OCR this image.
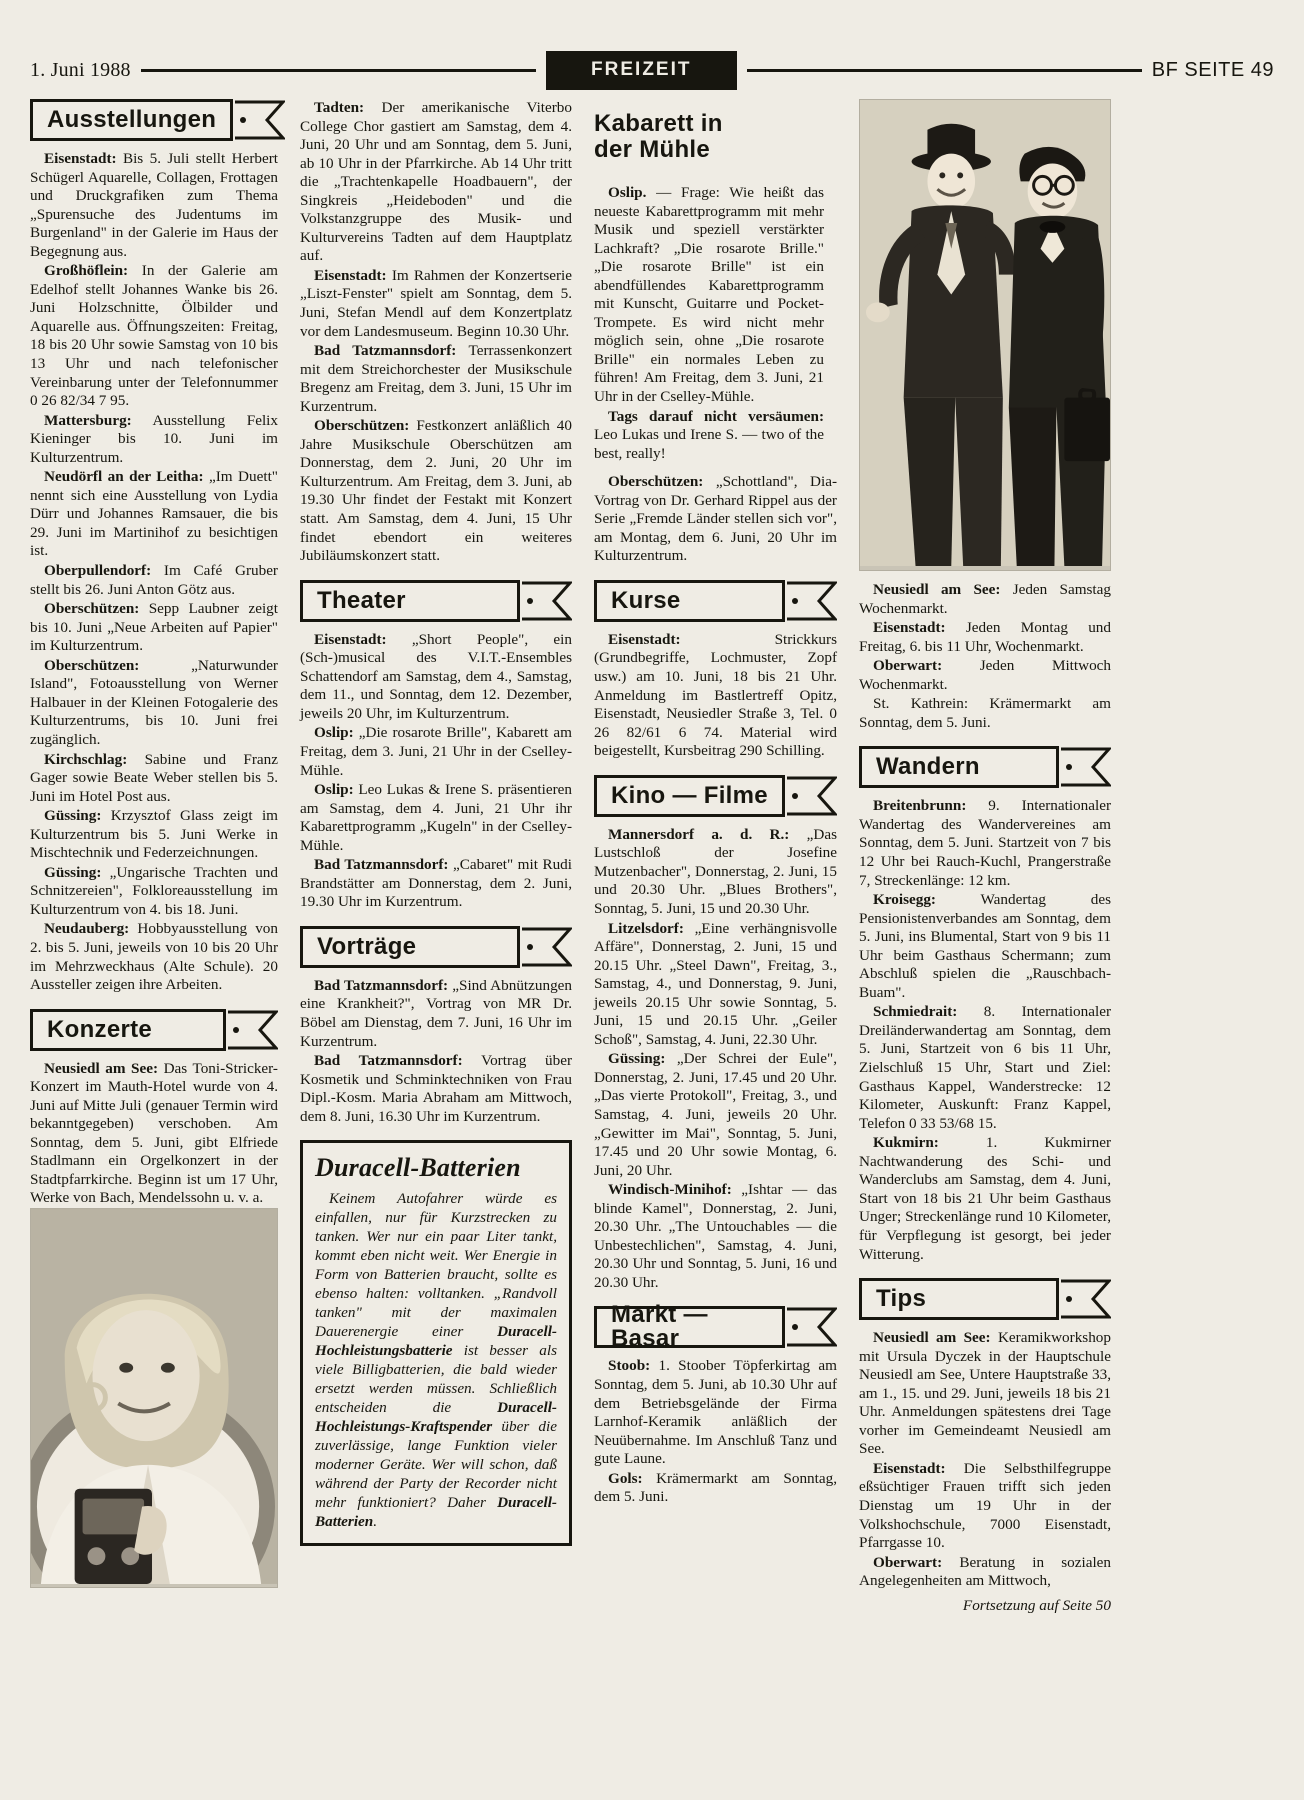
1. Juni 1988	FREIZEIT	BF SEITE 49
Ausstellungen

Eisenstadt: Bis 5. Juli stellt Herbert Schügerl Aquarelle, Collagen, Frottagen und Druckgrafiken zum Thema „Spurensuche des Judentums im Burgenland" in der Galerie im Haus der Begegnung aus.

Großhöflein: In der Galerie am Edelhof stellt Johannes Wanke bis 26. Juni Holzschnitte, Ölbilder und Aquarelle aus. Öffnungszeiten: Freitag, 18 bis 20 Uhr sowie Samstag von 10 bis 13 Uhr und nach telefonischer Vereinbarung unter der Telefonnummer 0 26 82/34 7 95.

Mattersburg: Ausstellung Felix Kieninger bis 10. Juni im Kulturzentrum.

Neudörfl an der Leitha: „Im Duett" nennt sich eine Ausstellung von Lydia Dürr und Johannes Ramsauer, die bis 29. Juni im Martinihof zu besichtigen ist.

Oberpullendorf: Im Café Gruber stellt bis 26. Juni Anton Götz aus.

Oberschützen: Sepp Laubner zeigt bis 10. Juni „Neue Arbeiten auf Papier" im Kulturzentrum.

Oberschützen: „Naturwunder Island", Fotoausstellung von Werner Halbauer in der Kleinen Fotogalerie des Kulturzentrums, bis 10. Juni frei zugänglich.

Kirchschlag: Sabine und Franz Gager sowie Beate Weber stellen bis 5. Juni im Hotel Post aus.

Güssing: Krzysztof Glass zeigt im Kulturzentrum bis 5. Juni Werke in Mischtechnik und Federzeichnungen.

Güssing: „Ungarische Trachten und Schnitzereien", Folkloreausstellung im Kulturzentrum von 4. bis 18. Juni.

Neudauberg: Hobbyausstellung von 2. bis 5. Juni, jeweils von 10 bis 20 Uhr im Mehrzweckhaus (Alte Schule). 20 Aussteller zeigen ihre Arbeiten.

Konzerte

Neusiedl am See: Das Toni-Stricker-Konzert im Mauth-Hotel wurde von 4. Juni auf Mitte Juli (genauer Termin wird bekanntgegeben) verschoben. Am Sonntag, dem 5. Juni, gibt Elfriede Stadlmann ein Orgelkonzert in der Stadtpfarrkirche. Beginn ist um 17 Uhr, Werke von Bach, Mendelssohn u. v. a.

Tadten: Der amerikanische Viterbo College Chor gastiert am Samstag, dem 4. Juni, 20 Uhr und am Sonntag, dem 5. Juni, ab 10 Uhr in der Pfarrkirche. Ab 14 Uhr tritt die „Trachtenkapelle Hoadbauern", der Singkreis „Heideboden" und die Volkstanzgruppe des Musik- und Kulturvereins Tadten auf dem Hauptplatz auf.

Eisenstadt: Im Rahmen der Konzertserie „Liszt-Fenster" spielt am Sonntag, dem 5. Juni, Stefan Mendl auf dem Konzertplatz vor dem Landesmuseum. Beginn 10.30 Uhr.

Bad Tatzmannsdorf: Terrassenkonzert mit dem Streichorchester der Musikschule Bregenz am Freitag, dem 3. Juni, 15 Uhr im Kurzentrum.

Oberschützen: Festkonzert anläßlich 40 Jahre Musikschule Oberschützen am Donnerstag, dem 2. Juni, 20 Uhr im Kulturzentrum. Am Freitag, dem 3. Juni, ab 19.30 Uhr findet der Festakt mit Konzert statt. Am Samstag, dem 4. Juni, 15 Uhr findet ebendort ein weiteres Jubiläumskonzert statt.

Theater

Eisenstadt: „Short People", ein (Sch-)musical des V.I.T.-Ensembles Schattendorf am Samstag, dem 4., Samstag, dem 11., und Sonntag, dem 12. Dezember, jeweils 20 Uhr, im Kulturzentrum.

Oslip: „Die rosarote Brille", Kabarett am Freitag, dem 3. Juni, 21 Uhr in der Cselley-Mühle.

Oslip: Leo Lukas & Irene S. präsentieren am Samstag, dem 4. Juni, 21 Uhr ihr Kabarettprogramm „Kugeln" in der Cselley-Mühle.

Bad Tatzmannsdorf: „Cabaret" mit Rudi Brandstätter am Donnerstag, dem 2. Juni, 19.30 Uhr im Kurzentrum.

Vorträge

Bad Tatzmannsdorf: „Sind Abnützungen eine Krankheit?", Vortrag von MR Dr. Böbel am Dienstag, dem 7. Juni, 16 Uhr im Kurzentrum.

Bad Tatzmannsdorf: Vortrag über Kosmetik und Schminktechniken von Frau Dipl.-Kosm. Maria Abraham am Mittwoch, dem 8. Juni, 16.30 Uhr im Kurzentrum.

Duracell-Batterien

Keinem Autofahrer würde es einfallen, nur für Kurzstrecken zu tanken. Wer nur ein paar Liter tankt, kommt eben nicht weit. Wer Energie in Form von Batterien braucht, sollte es ebenso halten: volltanken. „Randvoll tanken" mit der maximalen Dauerenergie einer Duracell-Hochleistungsbatterie ist besser als viele Billigbatterien, die bald wieder ersetzt werden müssen. Schließlich entscheiden die Duracell-Hochleistungs-Kraftspender über die zuverlässige, lange Funktion vieler moderner Geräte. Wer will schon, daß während der Party der Recorder nicht mehr funktioniert? Daher Duracell-Batterien.

Kabarett in
der Mühle

Oslip. — Frage: Wie heißt das neueste Kabarettprogramm mit mehr Musik und speziell verstärkter Lachkraft? „Die rosarote Brille." „Die rosarote Brille" ist ein abendfüllendes Kabarettprogramm mit Kunscht, Guitarre und Pocket-Trompete. Es wird nicht mehr möglich sein, ohne „Die rosarote Brille" ein normales Leben zu führen! Am Freitag, dem 3. Juni, 21 Uhr in der Cselley-Mühle.

Tags darauf nicht versäumen: Leo Lukas und Irene S. — two of the best, really!

Oberschützen: „Schottland", Dia-Vortrag von Dr. Gerhard Rippel aus der Serie „Fremde Länder stellen sich vor", am Montag, dem 6. Juni, 20 Uhr im Kulturzentrum.

Kurse

Eisenstadt: Strickkurs (Grundbegriffe, Lochmuster, Zopf usw.) am 10. Juni, 18 bis 21 Uhr. Anmeldung im Bastlertreff Opitz, Eisenstadt, Neusiedler Straße 3, Tel. 0 26 82/61 6 74. Material wird beigestellt, Kursbeitrag 290 Schilling.

Kino — Filme

Mannersdorf a. d. R.: „Das Lustschloß der Josefine Mutzenbacher", Donnerstag, 2. Juni, 15 und 20.30 Uhr. „Blues Brothers", Sonntag, 5. Juni, 15 und 20.30 Uhr.

Litzelsdorf: „Eine verhängnisvolle Affäre", Donnerstag, 2. Juni, 15 und 20.15 Uhr. „Steel Dawn", Freitag, 3., Samstag, 4., und Donnerstag, 9. Juni, jeweils 20.15 Uhr sowie Sonntag, 5. Juni, 15 und 20.15 Uhr. „Geiler Schoß", Samstag, 4. Juni, 22.30 Uhr.

Güssing: „Der Schrei der Eule", Donnerstag, 2. Juni, 17.45 und 20 Uhr. „Das vierte Protokoll", Freitag, 3., und Samstag, 4. Juni, jeweils 20 Uhr. „Gewitter im Mai", Sonntag, 5. Juni, 17.45 und 20 Uhr sowie Montag, 6. Juni, 20 Uhr.

Windisch-Minihof: „Ishtar — das blinde Kamel", Donnerstag, 2. Juni, 20.30 Uhr. „The Untouchables — die Unbestechlichen", Samstag, 4. Juni, 20.30 Uhr und Sonntag, 5. Juni, 16 und 20.30 Uhr.

Markt — Basar

Stoob: 1. Stoober Töpferkirtag am Sonntag, dem 5. Juni, ab 10.30 Uhr auf dem Betriebsgelände der Firma Larnhof-Keramik anläßlich der Neuübernahme. Im Anschluß Tanz und gute Laune.

Gols: Krämermarkt am Sonntag, dem 5. Juni.

Neusiedl am See: Jeden Samstag Wochenmarkt.

Eisenstadt: Jeden Montag und Freitag, 6. bis 11 Uhr, Wochenmarkt.

Oberwart: Jeden Mittwoch Wochenmarkt.

St. Kathrein: Krämermarkt am Sonntag, dem 5. Juni.

Wandern

Breitenbrunn: 9. Internationaler Wandertag des Wandervereines am Sonntag, dem 5. Juni. Startzeit von 7 bis 12 Uhr bei Rauch-Kuchl, Prangerstraße 7, Streckenlänge: 12 km.

Kroisegg: Wandertag des Pensionistenverbandes am Sonntag, dem 5. Juni, ins Blumental, Start von 9 bis 11 Uhr beim Gasthaus Schermann; zum Abschluß spielen die „Rauschbach-Buam".

Schmiedrait: 8. Internationaler Dreiländerwandertag am Sonntag, dem 5. Juni, Startzeit von 6 bis 11 Uhr, Zielschluß 15 Uhr, Start und Ziel: Gasthaus Kappel, Wanderstrecke: 12 Kilometer, Auskunft: Franz Kappel, Telefon 0 33 53/68 15.

Kukmirn: 1. Kukmirner Nachtwanderung des Schi- und Wanderclubs am Samstag, dem 4. Juni, Start von 18 bis 21 Uhr beim Gasthaus Unger; Streckenlänge rund 10 Kilometer, für Verpflegung ist gesorgt, bei jeder Witterung.

Tips

Neusiedl am See: Keramikworkshop mit Ursula Dyczek in der Hauptschule Neusiedl am See, Untere Hauptstraße 33, am 1., 15. und 29. Juni, jeweils 18 bis 21 Uhr. Anmeldungen spätestens drei Tage vorher im Gemeindeamt Neusiedl am See.

Eisenstadt: Die Selbsthilfegruppe eßsüchtiger Frauen trifft sich jeden Dienstag um 19 Uhr in der Volkshochschule, 7000 Eisenstadt, Pfarrgasse 10.

Oberwart: Beratung in sozialen Angelegenheiten am Mittwoch,

Fortsetzung auf Seite 50
